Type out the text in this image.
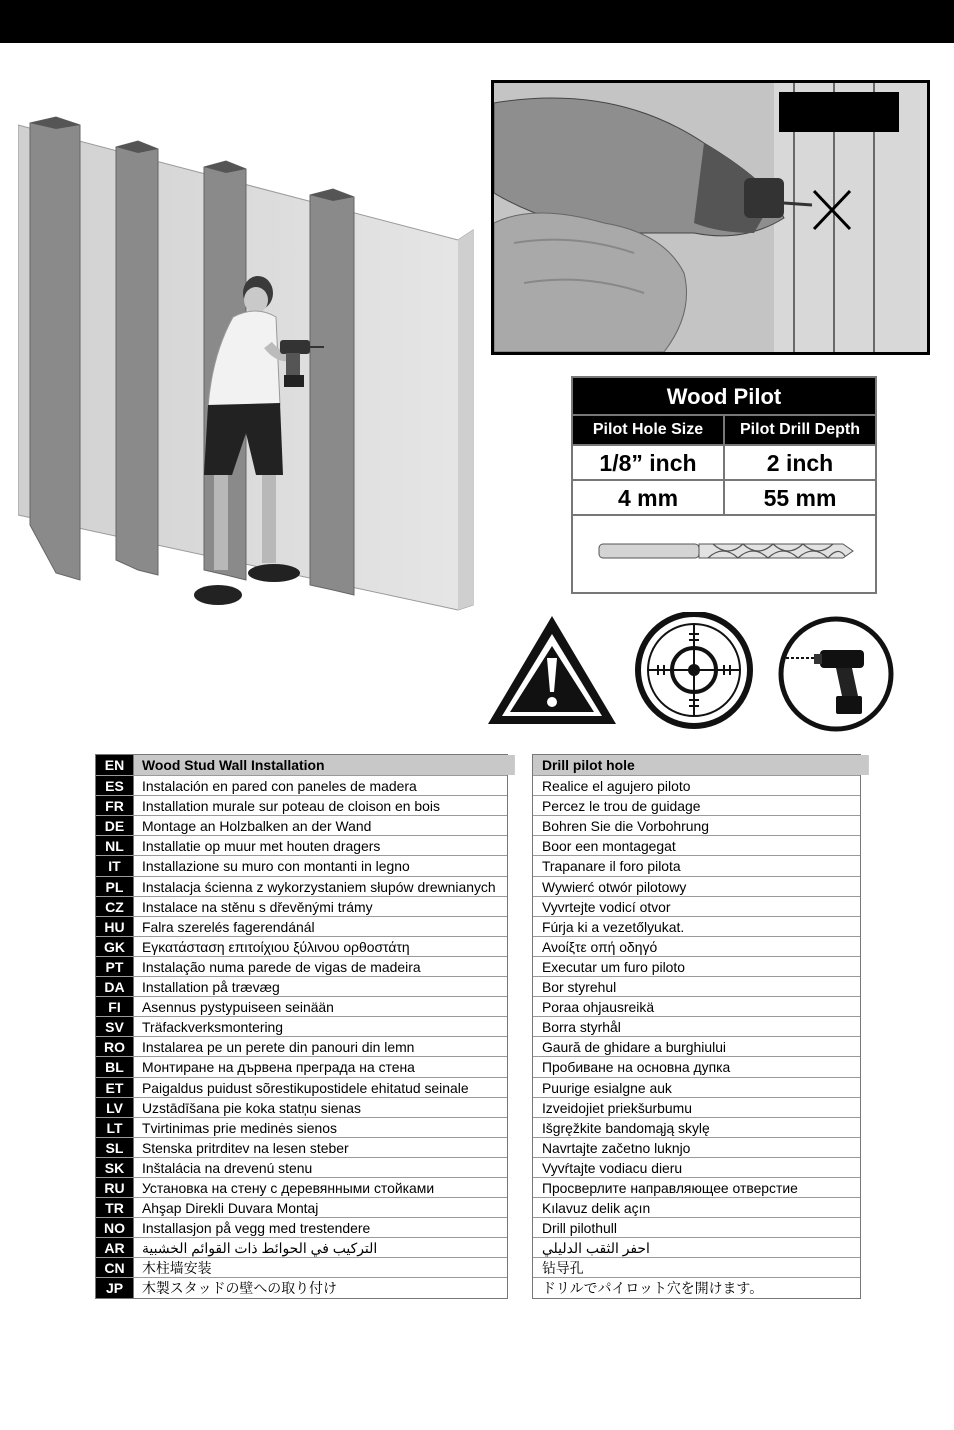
Wood Pilot
Pilot Hole Size	Pilot Drill Depth
1/8” inch	2 inch
4 mm	55 mm
EN	Wood Stud Wall Installation
ES	Instalación en pared con paneles de madera
FR	Installation murale sur poteau de cloison en bois
DE	Montage an Holzbalken an der Wand
NL	Installatie op muur met houten dragers
IT	Installazione su muro con montanti in legno
PL	Instalacja ściennа z wykorzystaniem słupów drewnianych
CZ	Instalace na stěnu s dřevěnými trámy
HU	Falra szerelés fagerendánál
GK	Εγκατάσταση επιτοίχιου ξύλινου ορθοστάτη
PT	Instalação numa parede de vigas de madeira
DA	Installation på trævæg
FI	Asennus pystypuiseen seinään
SV	Träfackverksmontering
RO	Instalarea pe un perete din panouri din lemn
BL	Монтиране на дървена преграда на стена
ET	Paigaldus puidust sõrestikupostidele ehitatud seinale
LV	Uzstādīšana pie koka statņu sienas
LT	Tvirtinimas prie medinės sienos
SL	Stenska pritrditev na lesen steber
SK	Inštalácia na drevenú stenu
RU	Установка на стену с деревянными стойками
TR	Ahşap Direkli Duvara Montaj
NO	Installasjon på vegg med trestendere
AR	التركيب في الحوائط ذات القوائم الخشبية
CN	木柱墙安装
JP	木製スタッドの壁への取り付け
Drill pilot hole
Realice el agujero piloto
Percez le trou de guidage
Bohren Sie die Vorbohrung
Boor een montagegat
Trapanare il foro pilota
Wywierć otwór pilotowy
Vyvrtejte vodicí otvor
Fúrja ki a vezetőlyukat.
Ανοίξτε οπή οδηγό
Executar um furo piloto
Bor styrehul
Poraa ohjausreikä
Borra styrhål
Gaură de ghidare a burghiului
Пробиване на основна дупка
Puurige esialgne auk
Izveidojiet priekšurbumu
Išgręžkite bandomąją skylę
Navrtajte začetno luknjo
Vyvŕtajte vodiacu dieru
Просверлите направляющее отверстие
Kılavuz delik açın
Drill pilothull
احفر الثقب الدليلي
钻导孔
ドリルでパイロット穴を開けます。
